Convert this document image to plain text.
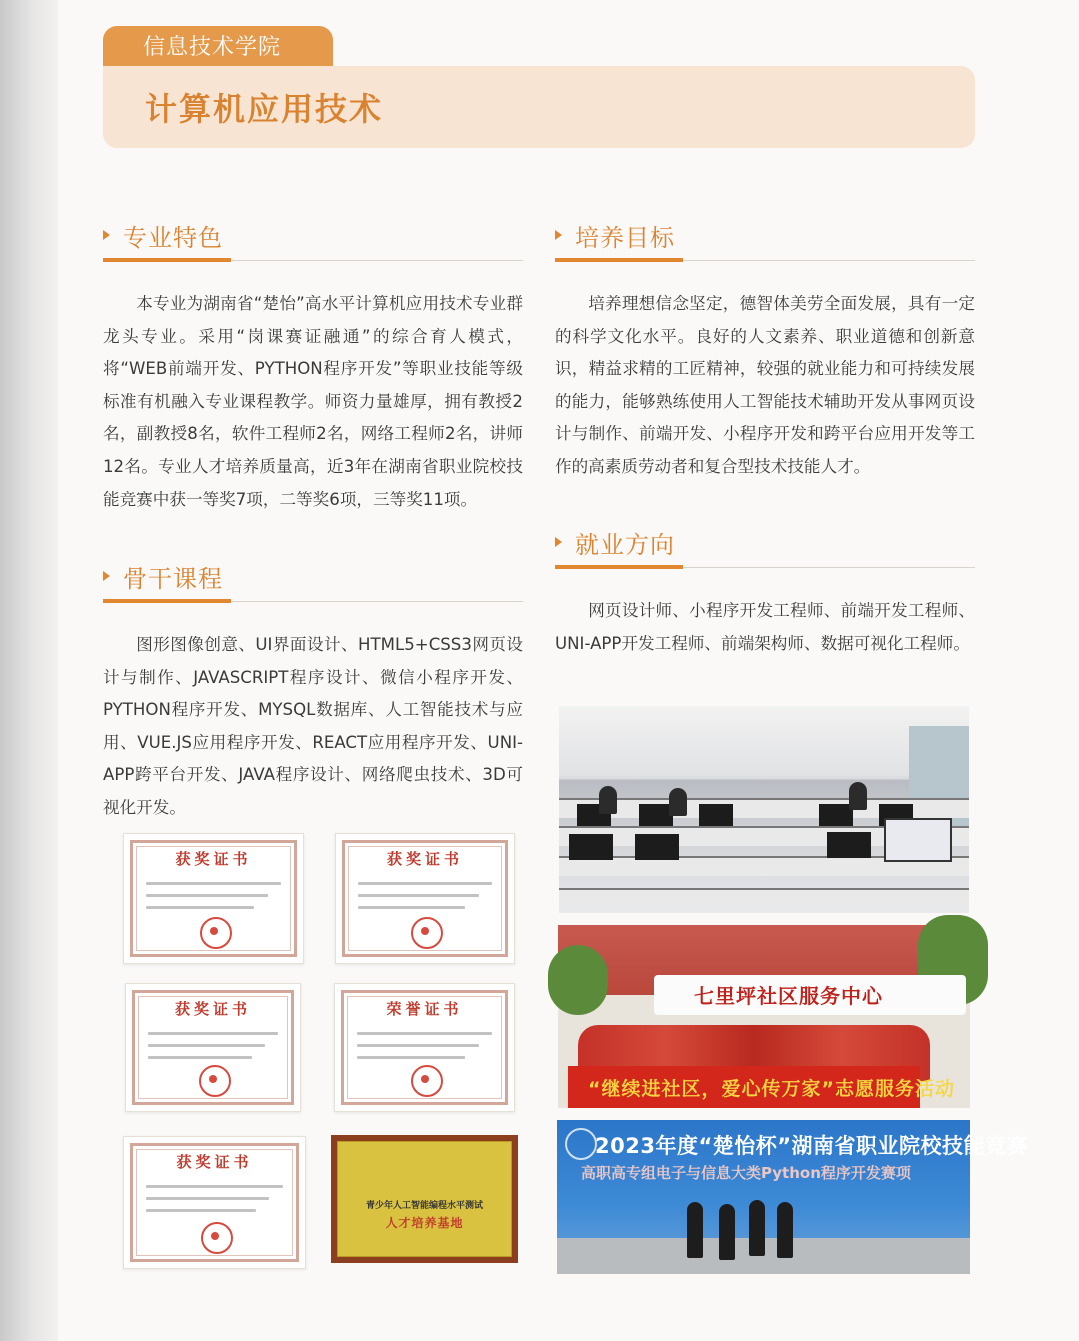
信息技术学院
计算机应用技术
专业特色
本专业为湖南省“楚怡”高水平计算机应用技术专业群龙头专业。采用“岗课赛证融通”的综合育人模式，将“WEB前端开发、PYTHON程序开发”等职业技能等级标准有机融入专业课程教学。师资力量雄厚，拥有教授2名，副教授8名，软件工程师2名，网络工程师2名，讲师12名。专业人才培养质量高，近3年在湖南省职业院校技能竞赛中获一等奖7项，二等奖6项，三等奖11项。
骨干课程
图形图像创意、UI界面设计、HTML5+CSS3网页设计与制作、JAVASCRIPT程序设计、微信小程序开发、PYTHON程序开发、MYSQL数据库、人工智能技术与应用、VUE.JS应用程序开发、REACT应用程序开发、UNI-APP跨平台开发、JAVA程序设计、网络爬虫技术、3D可视化开发。
培养目标
培养理想信念坚定，德智体美劳全面发展，具有一定的科学文化水平。良好的人文素养、职业道德和创新意识，精益求精的工匠精神，较强的就业能力和可持续发展的能力，能够熟练使用人工智能技术辅助开发从事网页设计与制作、前端开发、小程序开发和跨平台应用开发等工作的高素质劳动者和复合型技术技能人才。
就业方向
网页设计师、小程序开发工程师、前端开发工程师、UNI-APP开发工程师、前端架构师、数据可视化工程师。
获奖证书	获奖证书
获奖证书	荣誉证书
获奖证书
青少年人工智能编程水平测试
人才培养基地
七里坪社区服务中心
“继续进社区，爱心传万家”志愿服务活动
2023年度“楚怡杯”湖南省职业院校技能竞赛
高职高专组电子与信息大类Python程序开发赛项
